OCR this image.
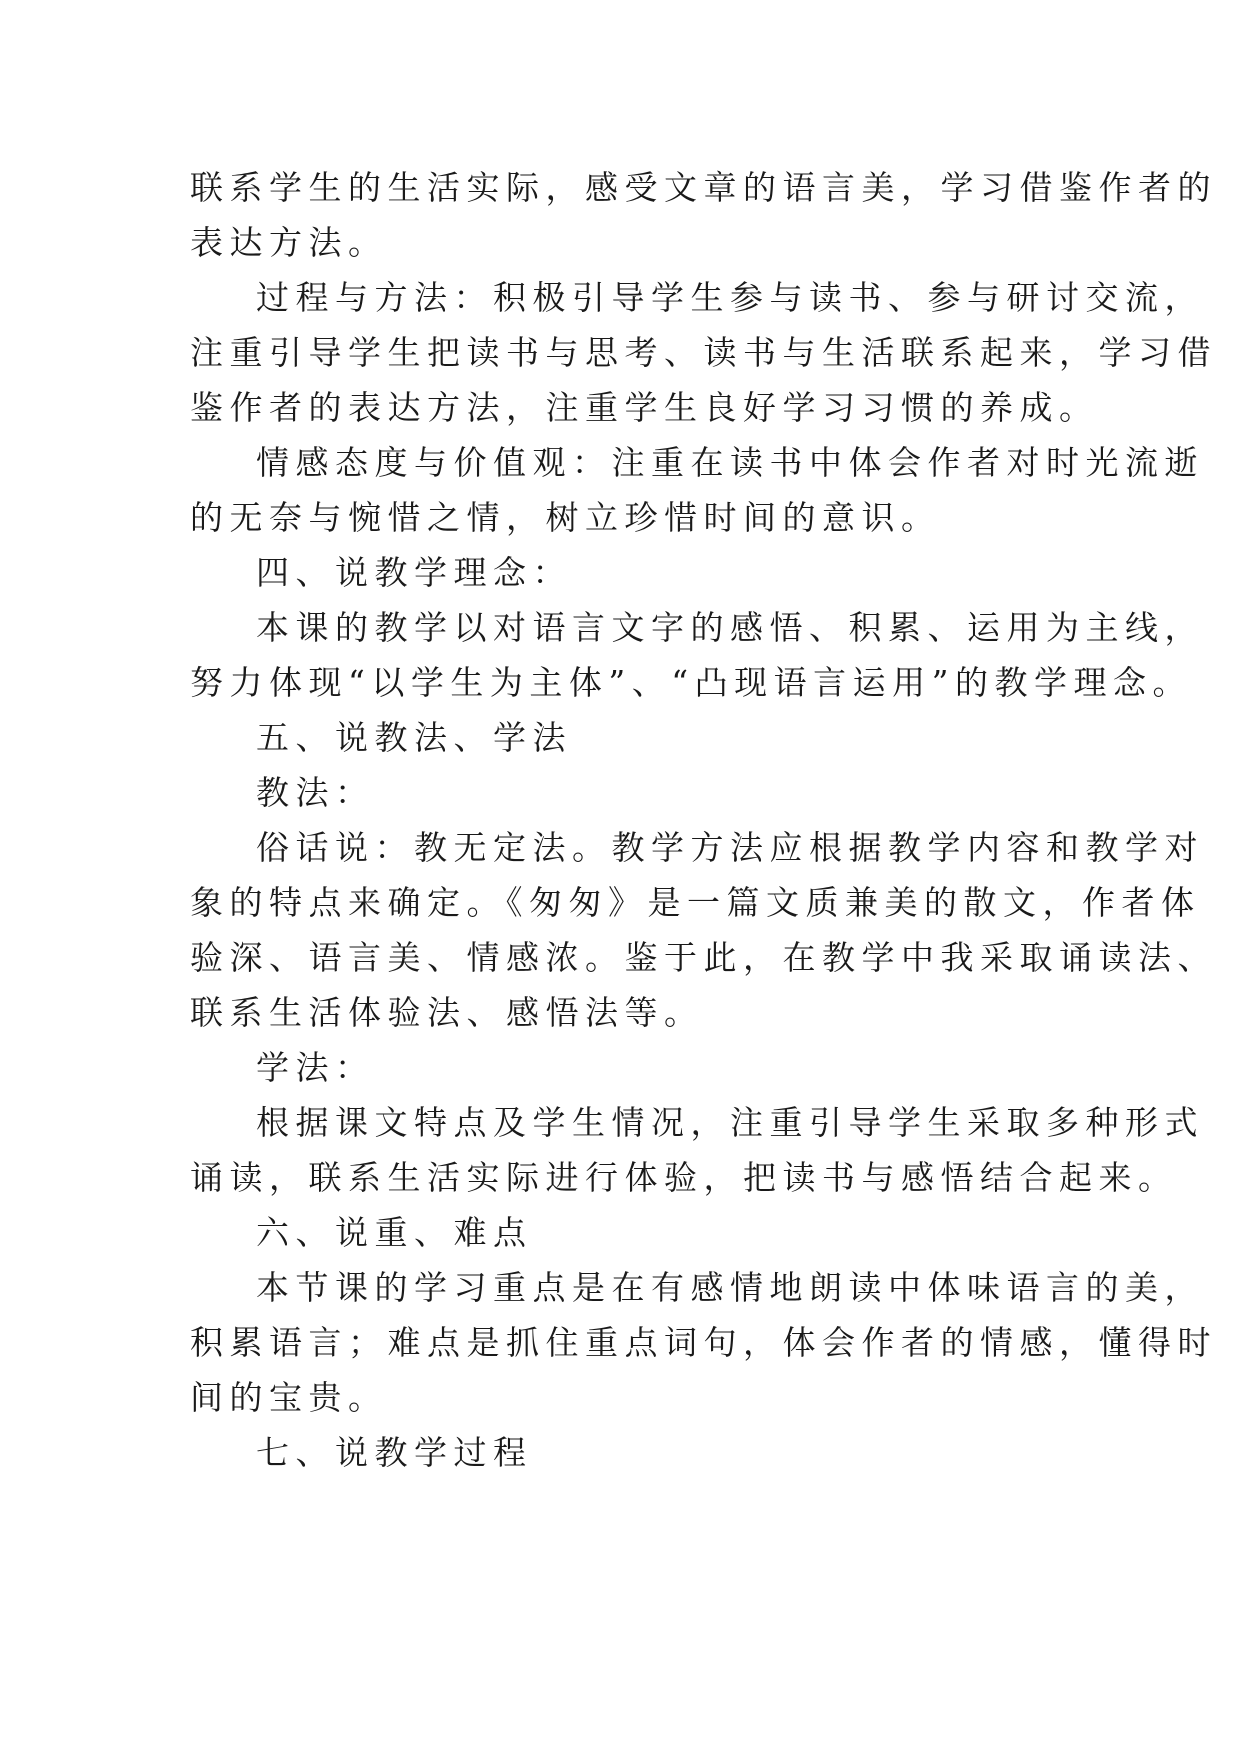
联系学生的生活实际，感受文章的语言美，学习借鉴作者的
表达方法。
过程与方法：积极引导学生参与读书、参与研讨交流，
注重引导学生把读书与思考、读书与生活联系起来，学习借
鉴作者的表达方法，注重学生良好学习习惯的养成。
情感态度与价值观：注重在读书中体会作者对时光流逝
的无奈与惋惜之情，树立珍惜时间的意识。
四、说教学理念：
本课的教学以对语言文字的感悟、积累、运用为主线，
努力体现“以学生为主体”、“凸现语言运用”的教学理念。
五、说教法、学法
教法：
俗话说：教无定法。教学方法应根据教学内容和教学对
象的特点来确定。《匆匆》是一篇文质兼美的散文，作者体
验深、语言美、情感浓。鉴于此，在教学中我采取诵读法、
联系生活体验法、感悟法等。
学法：
根据课文特点及学生情况，注重引导学生采取多种形式
诵读，联系生活实际进行体验，把读书与感悟结合起来。
六、说重、难点
本节课的学习重点是在有感情地朗读中体味语言的美，
积累语言；难点是抓住重点词句，体会作者的情感，懂得时
间的宝贵。
七、说教学过程
